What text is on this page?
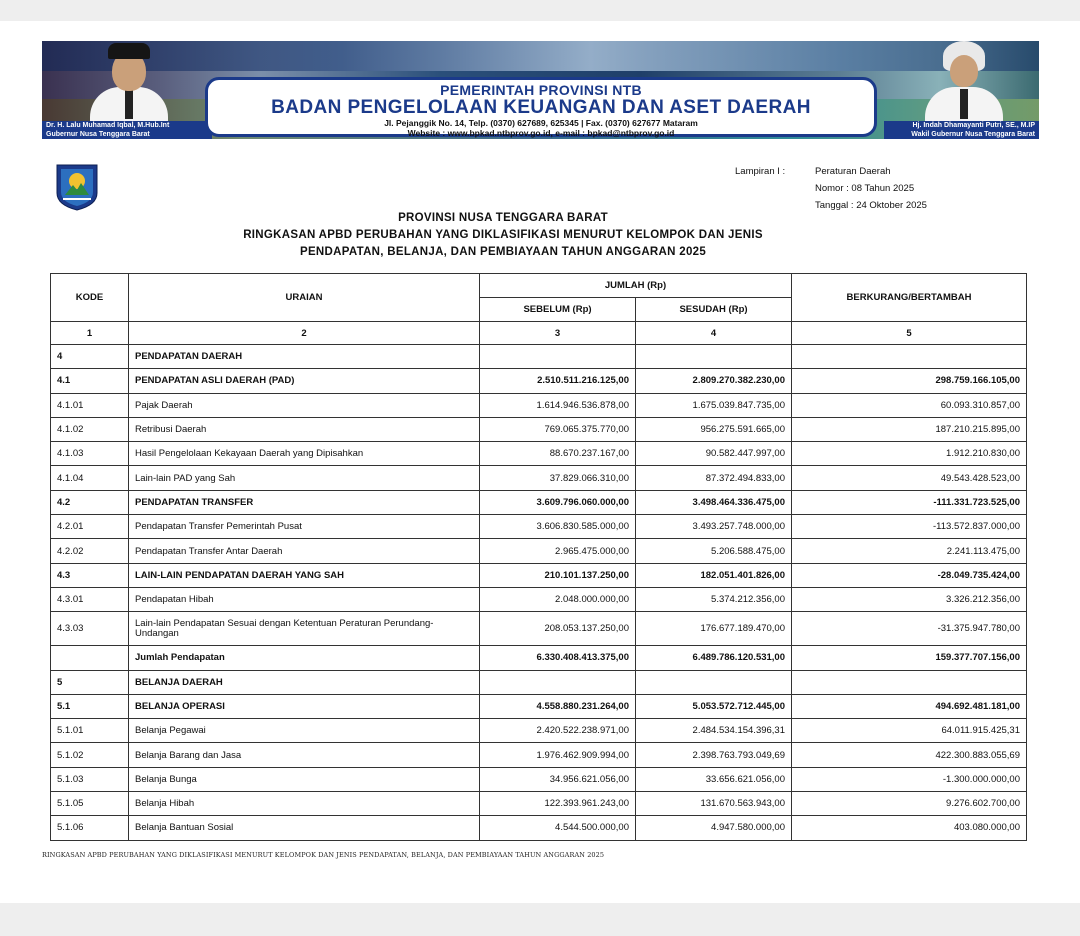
Dr. H. Lalu Muhamad Iqbal, M.Hub.Int
Gubernur Nusa Tenggara Barat
Hj. Indah Dhamayanti Putri, SE., M.IP
Wakil Gubernur Nusa Tenggara Barat
PEMERINTAH PROVINSI NTB
BADAN PENGELOLAAN KEUANGAN DAN ASET DAERAH
Jl. Pejanggik No. 14, Telp. (0370) 627689, 625345 | Fax. (0370) 627677 Mataram
Website : www.bpkad.ntbprov.go.id, e-mail : bpkad@ntbprov.go.id
Lampiran I :	Peraturan Daerah
Nomor : 08 Tahun 2025
Tanggal : 24 Oktober 2025
PROVINSI NUSA TENGGARA BARAT
RINGKASAN APBD PERUBAHAN YANG DIKLASIFIKASI MENURUT KELOMPOK DAN JENIS
PENDAPATAN, BELANJA, DAN PEMBIAYAAN TAHUN ANGGARAN 2025
KODE	URAIAN	JUMLAH (Rp)		BERKURANG/BERTAMBAH
		SEBELUM (Rp)	SESUDAH (Rp)	
1	2	3	4	5
4	PENDAPATAN DAERAH			
4.1	PENDAPATAN ASLI DAERAH (PAD)	2.510.511.216.125,00	2.809.270.382.230,00	298.759.166.105,00
4.1.01	Pajak Daerah	1.614.946.536.878,00	1.675.039.847.735,00	60.093.310.857,00
4.1.02	Retribusi Daerah	769.065.375.770,00	956.275.591.665,00	187.210.215.895,00
4.1.03	Hasil Pengelolaan Kekayaan Daerah yang Dipisahkan	88.670.237.167,00	90.582.447.997,00	1.912.210.830,00
4.1.04	Lain-lain PAD yang Sah	37.829.066.310,00	87.372.494.833,00	49.543.428.523,00
4.2	PENDAPATAN TRANSFER	3.609.796.060.000,00	3.498.464.336.475,00	-111.331.723.525,00
4.2.01	Pendapatan Transfer Pemerintah Pusat	3.606.830.585.000,00	3.493.257.748.000,00	-113.572.837.000,00
4.2.02	Pendapatan Transfer Antar Daerah	2.965.475.000,00	5.206.588.475,00	2.241.113.475,00
4.3	LAIN-LAIN PENDAPATAN DAERAH YANG SAH	210.101.137.250,00	182.051.401.826,00	-28.049.735.424,00
4.3.01	Pendapatan Hibah	2.048.000.000,00	5.374.212.356,00	3.326.212.356,00
4.3.03	Lain-lain Pendapatan Sesuai dengan Ketentuan Peraturan Perundang-Undangan	208.053.137.250,00	176.677.189.470,00	-31.375.947.780,00
	Jumlah Pendapatan	6.330.408.413.375,00	6.489.786.120.531,00	159.377.707.156,00
5	BELANJA DAERAH			
5.1	BELANJA OPERASI	4.558.880.231.264,00	5.053.572.712.445,00	494.692.481.181,00
5.1.01	Belanja Pegawai	2.420.522.238.971,00	2.484.534.154.396,31	64.011.915.425,31
5.1.02	Belanja Barang dan Jasa	1.976.462.909.994,00	2.398.763.793.049,69	422.300.883.055,69
5.1.03	Belanja Bunga	34.956.621.056,00	33.656.621.056,00	-1.300.000.000,00
5.1.05	Belanja Hibah	122.393.961.243,00	131.670.563.943,00	9.276.602.700,00
5.1.06	Belanja Bantuan Sosial	4.544.500.000,00	4.947.580.000,00	403.080.000,00
RINGKASAN APBD PERUBAHAN YANG DIKLASIFIKASI MENURUT KELOMPOK DAN JENIS PENDAPATAN, BELANJA, DAN PEMBIAYAAN TAHUN ANGGARAN 2025
